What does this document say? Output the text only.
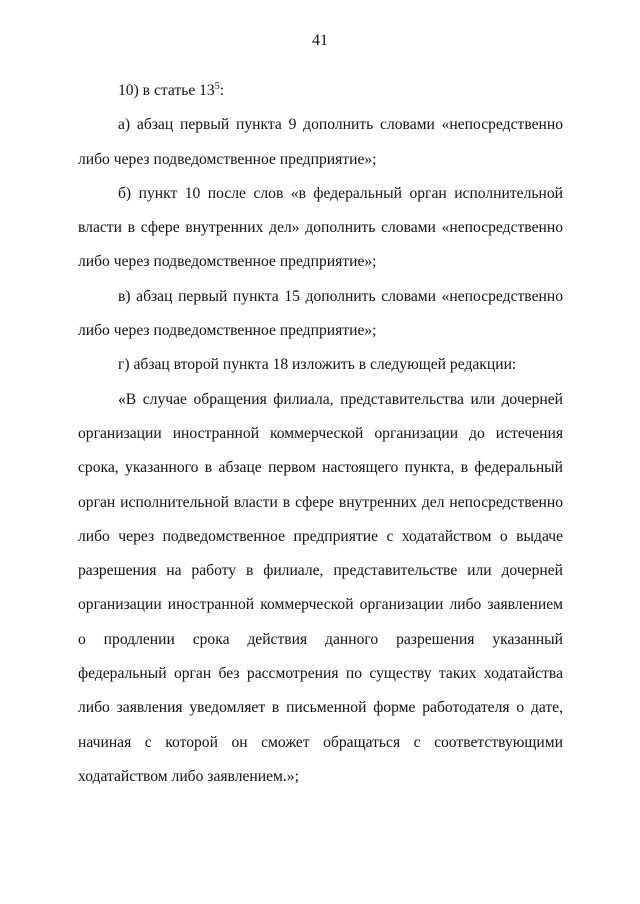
41

10) в статье $13^5$:

а) абзац первый пункта 9 дополнить словами «непосредственно либо через подведомственное предприятие»;

б) пункт 10 после слов «в федеральный орган исполнительной власти в сфере внутренних дел» дополнить словами «непосредственно либо через подведомственное предприятие»;

в) абзац первый пункта 15 дополнить словами «непосредственно либо через подведомственное предприятие»;

г) абзац второй пункта 18 изложить в следующей редакции:

«В случае обращения филиала, представительства или дочерней организации иностранной коммерческой организации до истечения срока, указанного в абзаце первом настоящего пункта, в федеральный орган исполнительной власти в сфере внутренних дел непосредственно либо через подведомственное предприятие с ходатайством о выдаче разрешения на работу в филиале, представительстве или дочерней организации иностранной коммерческой организации либо заявлением о продлении срока действия данного разрешения указанный федеральный орган без рассмотрения по существу таких ходатайства либо заявления уведомляет в письменной форме работодателя о дате, начиная с которой он сможет обращаться с соответствующими ходатайством либо заявлением.»;
